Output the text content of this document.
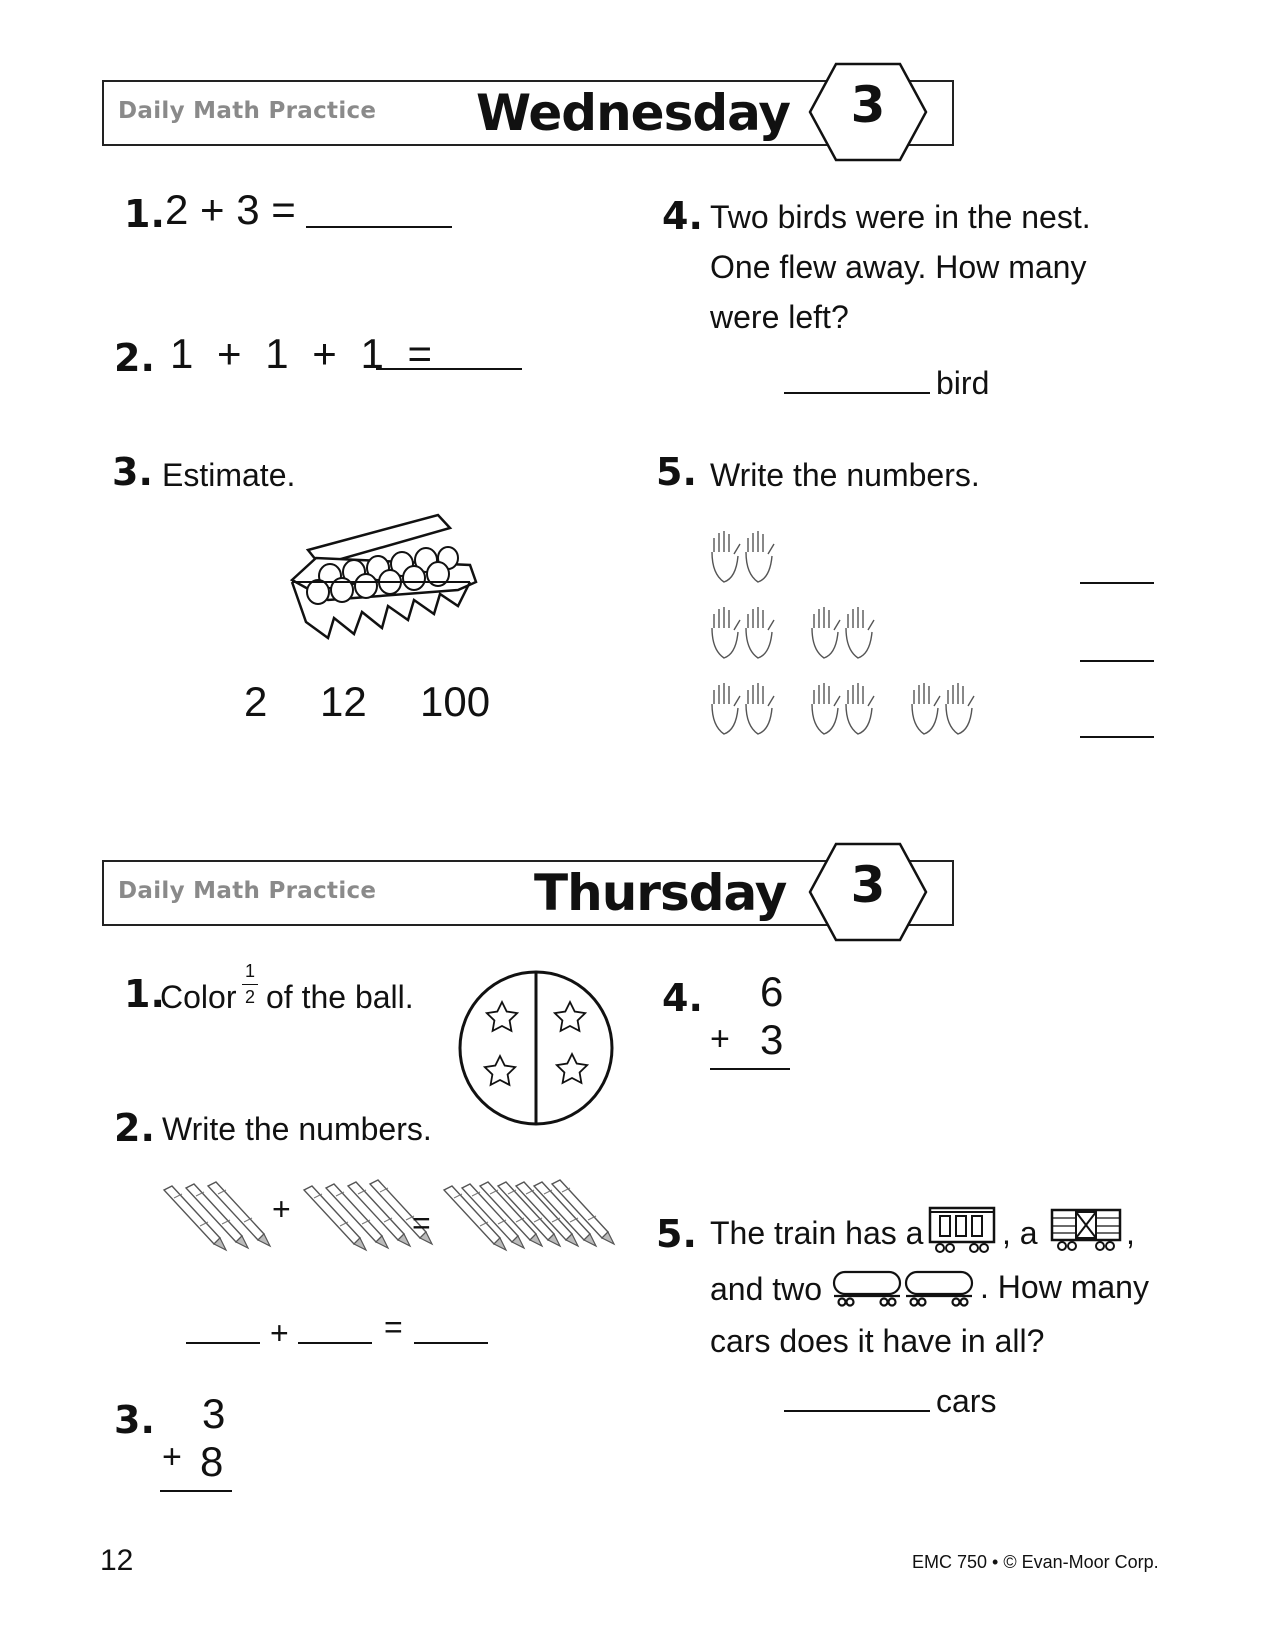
Daily Math Practice Wednesday	3
1. 2 + 3 =
2. 1 + 1 + 1 =
3. Estimate.
2 12 100
4. Two birds were in the nest.
One flew away. How many
were left?
bird
5. Write the numbers.
Daily Math Practice	Thursday	3
1.
Color
1
2 of the ball.
2. Write the numbers.
+	=
+	=
3. 3
+ 8
4. 6
+ 3
5. The train has a , a	,
and two	. How many
cars does it have in all?
cars
12	EMC 750 • © Evan-Moor Corp.
